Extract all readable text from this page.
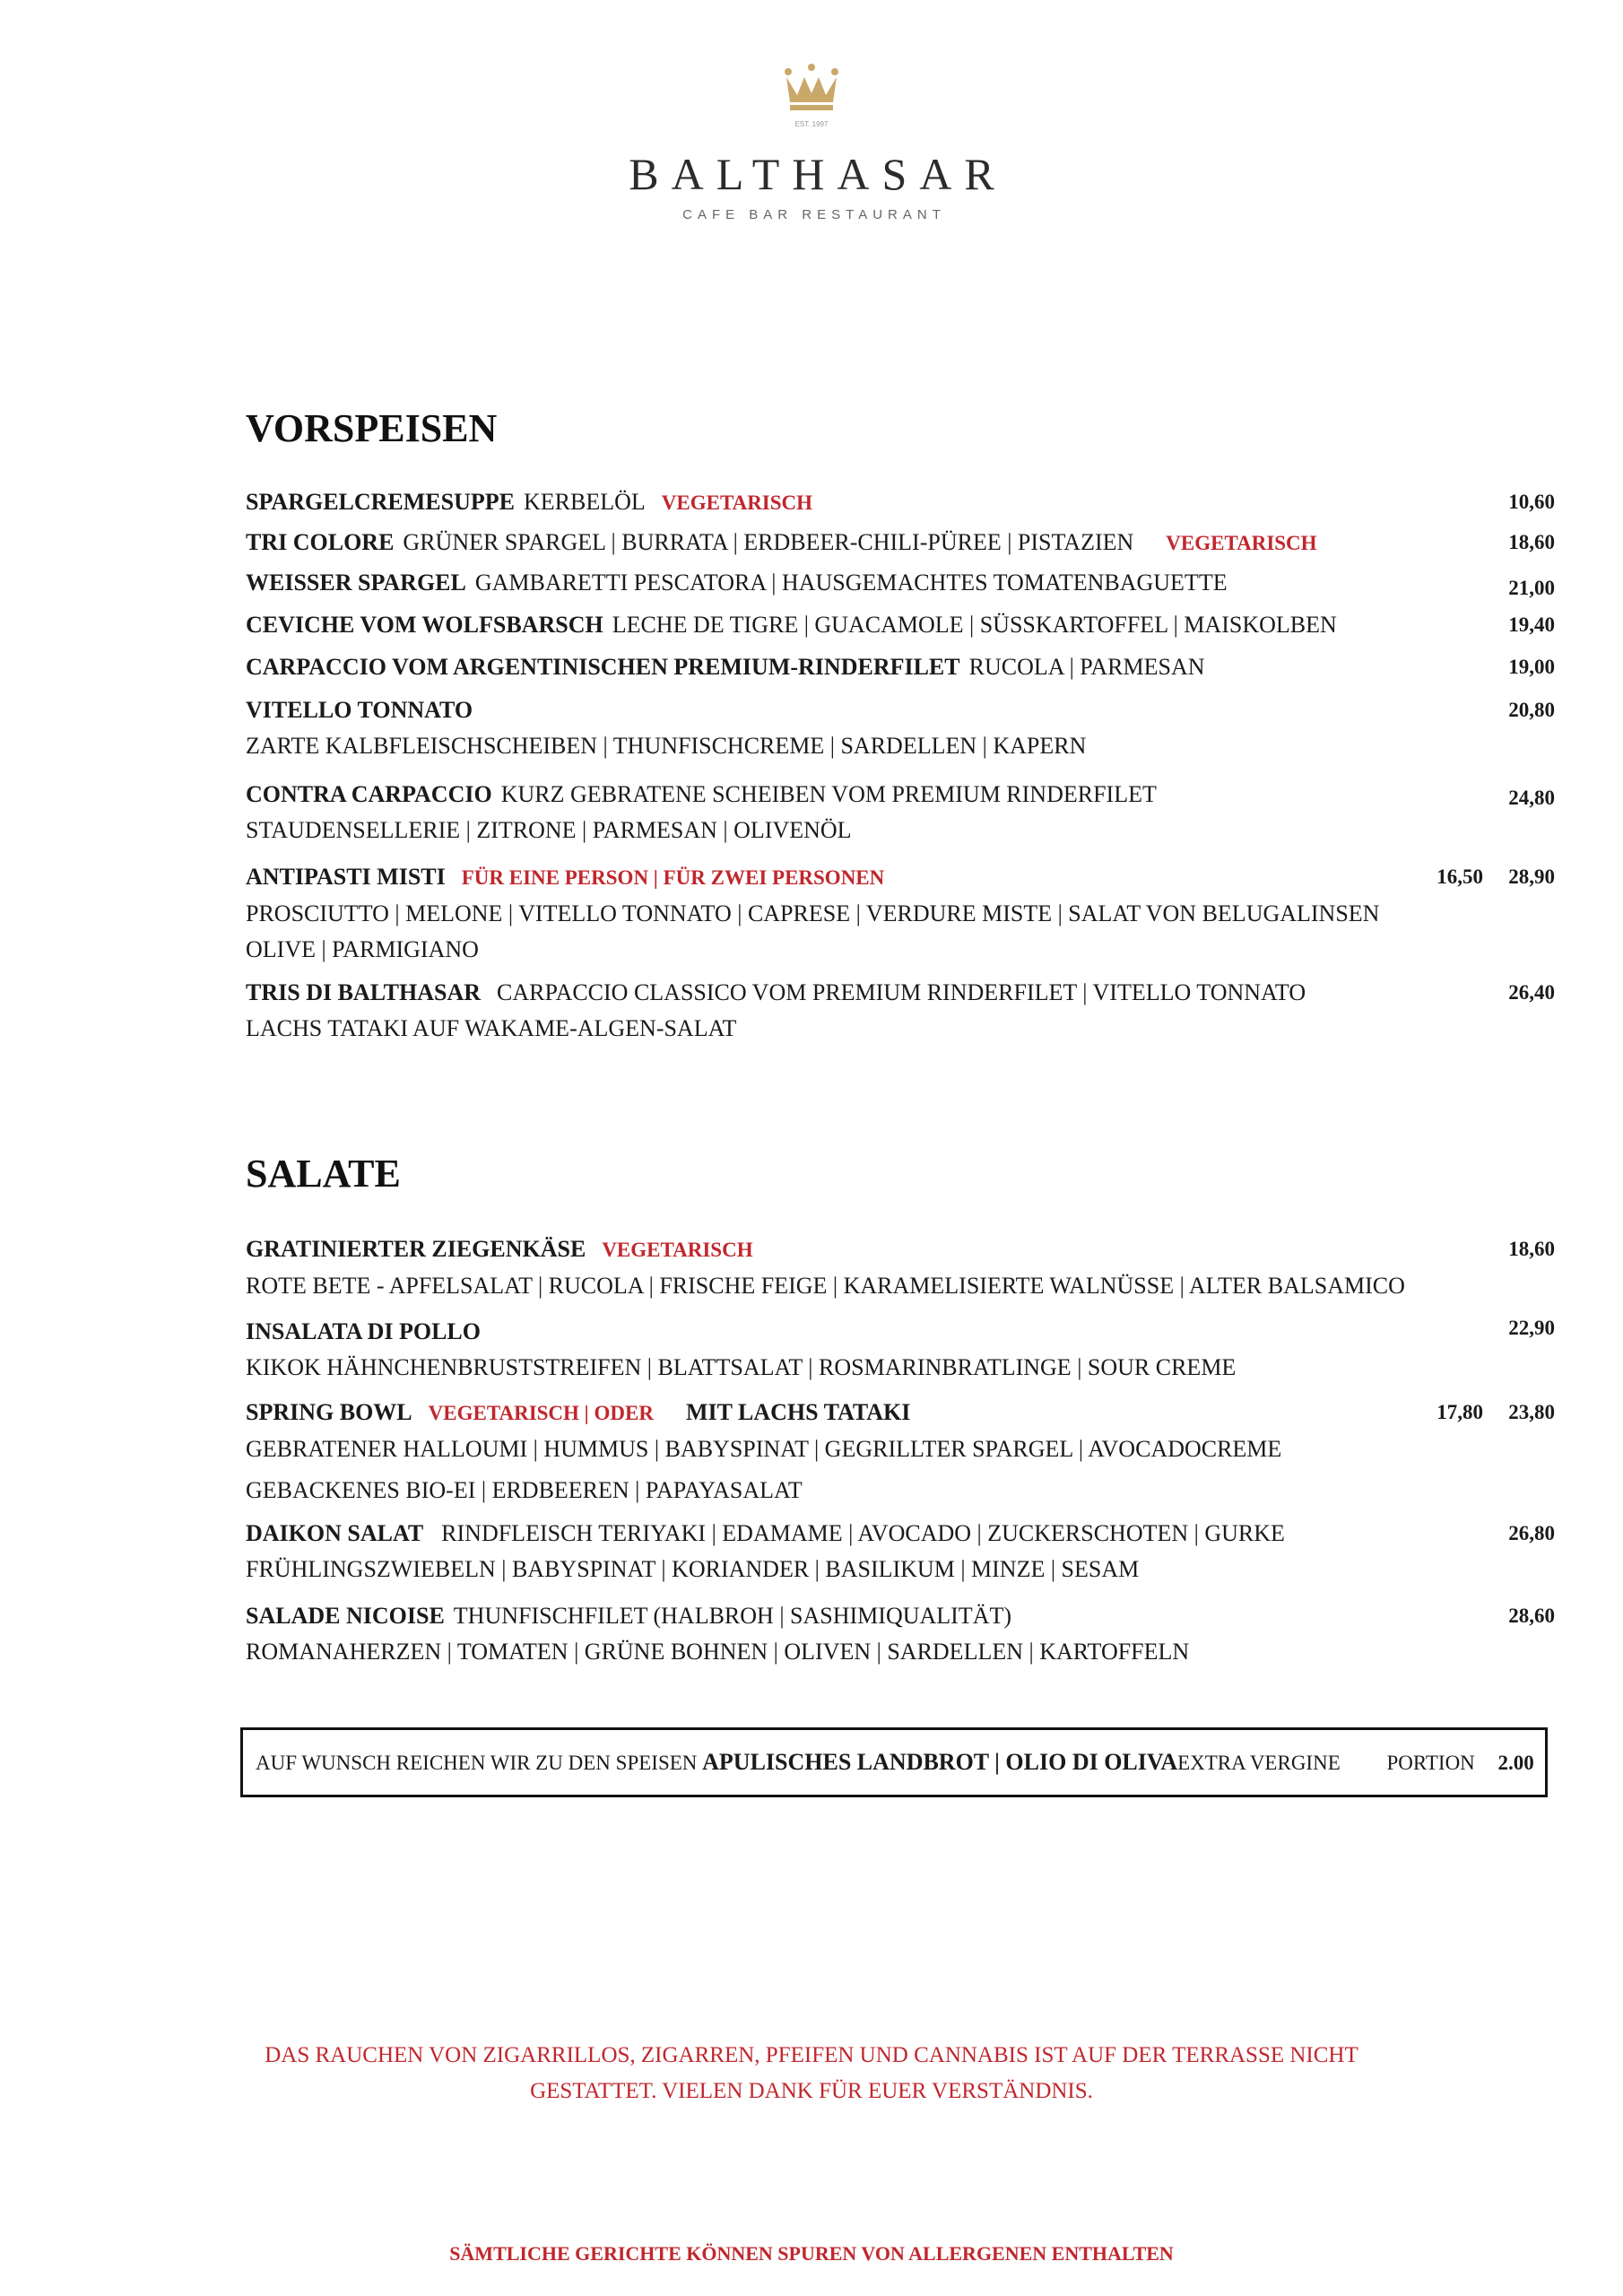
EST. 1997
BALTHASAR
CAFE BAR RESTAURANT
VORSPEISEN
SPARGELCREMESUPPE KERBELÖL VEGETARISCH	10,60
TRI COLORE GRÜNER SPARGEL | BURRATA | ERDBEER-CHILI-PÜREE | PISTAZIEN VEGETARISCH	18,60
WEISSER SPARGEL GAMBARETTI PESCATORA | HAUSGEMACHTES TOMATENBAGUETTE	21,00
CEVICHE VOM WOLFSBARSCH LECHE DE TIGRE | GUACAMOLE | SÜSSKARTOFFEL | MAISKOLBEN	19,40
CARPACCIO VOM ARGENTINISCHEN PREMIUM-RINDERFILET RUCOLA | PARMESAN	19,00
VITELLO TONNATO
ZARTE KALBFLEISCHSCHEIBEN | THUNFISCHCREME | SARDELLEN | KAPERN
20,80
CONTRA CARPACCIO KURZ GEBRATENE SCHEIBEN VOM PREMIUM RINDERFILET
STAUDENSELLERIE | ZITRONE | PARMESAN | OLIVENÖL
24,80
ANTIPASTI MISTI FÜR EINE PERSON | FÜR ZWEI PERSONEN
PROSCIUTTO | MELONE | VITELLO TONNATO | CAPRESE | VERDURE MISTE | SALAT VON BELUGALINSEN
OLIVE | PARMIGIANO
16,50 28,90
TRIS DI BALTHASAR CARPACCIO CLASSICO VOM PREMIUM RINDERFILET | VITELLO TONNATO
LACHS TATAKI AUF WAKAME-ALGEN-SALAT
26,40
SALATE
GRATINIERTER ZIEGENKÄSE VEGETARISCH
ROTE BETE - APFELSALAT | RUCOLA | FRISCHE FEIGE | KARAMELISIERTE WALNÜSSE | ALTER BALSAMICO
18,60
INSALATA DI POLLO
KIKOK HÄHNCHENBRUSTSTREIFEN | BLATTSALAT | ROSMARINBRATLINGE | SOUR CREME
22,90
SPRING BOWL VEGETARISCH | ODER MIT LACHS TATAKI
GEBRATENER HALLOUMI | HUMMUS | BABYSPINAT | GEGRILLTER SPARGEL | AVOCADOCREME
GEBACKENES BIO-EI | ERDBEEREN | PAPAYASALAT
17,80 23,80
DAIKON SALAT RINDFLEISCH TERIYAKI | EDAMAME | AVOCADO | ZUCKERSCHOTEN | GURKE
FRÜHLINGSZWIEBELN | BABYSPINAT | KORIANDER | BASILIKUM | MINZE | SESAM
26,80
SALADE NICOISE THUNFISCHFILET (HALBROH | SASHIMIQUALITÄT)
ROMANAHERZEN | TOMATEN | GRÜNE BOHNEN | OLIVEN | SARDELLEN | KARTOFFELN
28,60
AUF WUNSCH REICHEN WIR ZU DEN SPEISEN APULISCHES LANDBROT | OLIO DI OLIVAEXTRA VERGINE PORTION 2.00
DAS RAUCHEN VON ZIGARRILLOS, ZIGARREN, PFEIFEN UND CANNABIS IST AUF DER TERRASSE NICHT
GESTATTET. VIELEN DANK FÜR EUER VERSTÄNDNIS.
SÄMTLICHE GERICHTE KÖNNEN SPUREN VON ALLERGENEN ENTHALTEN
